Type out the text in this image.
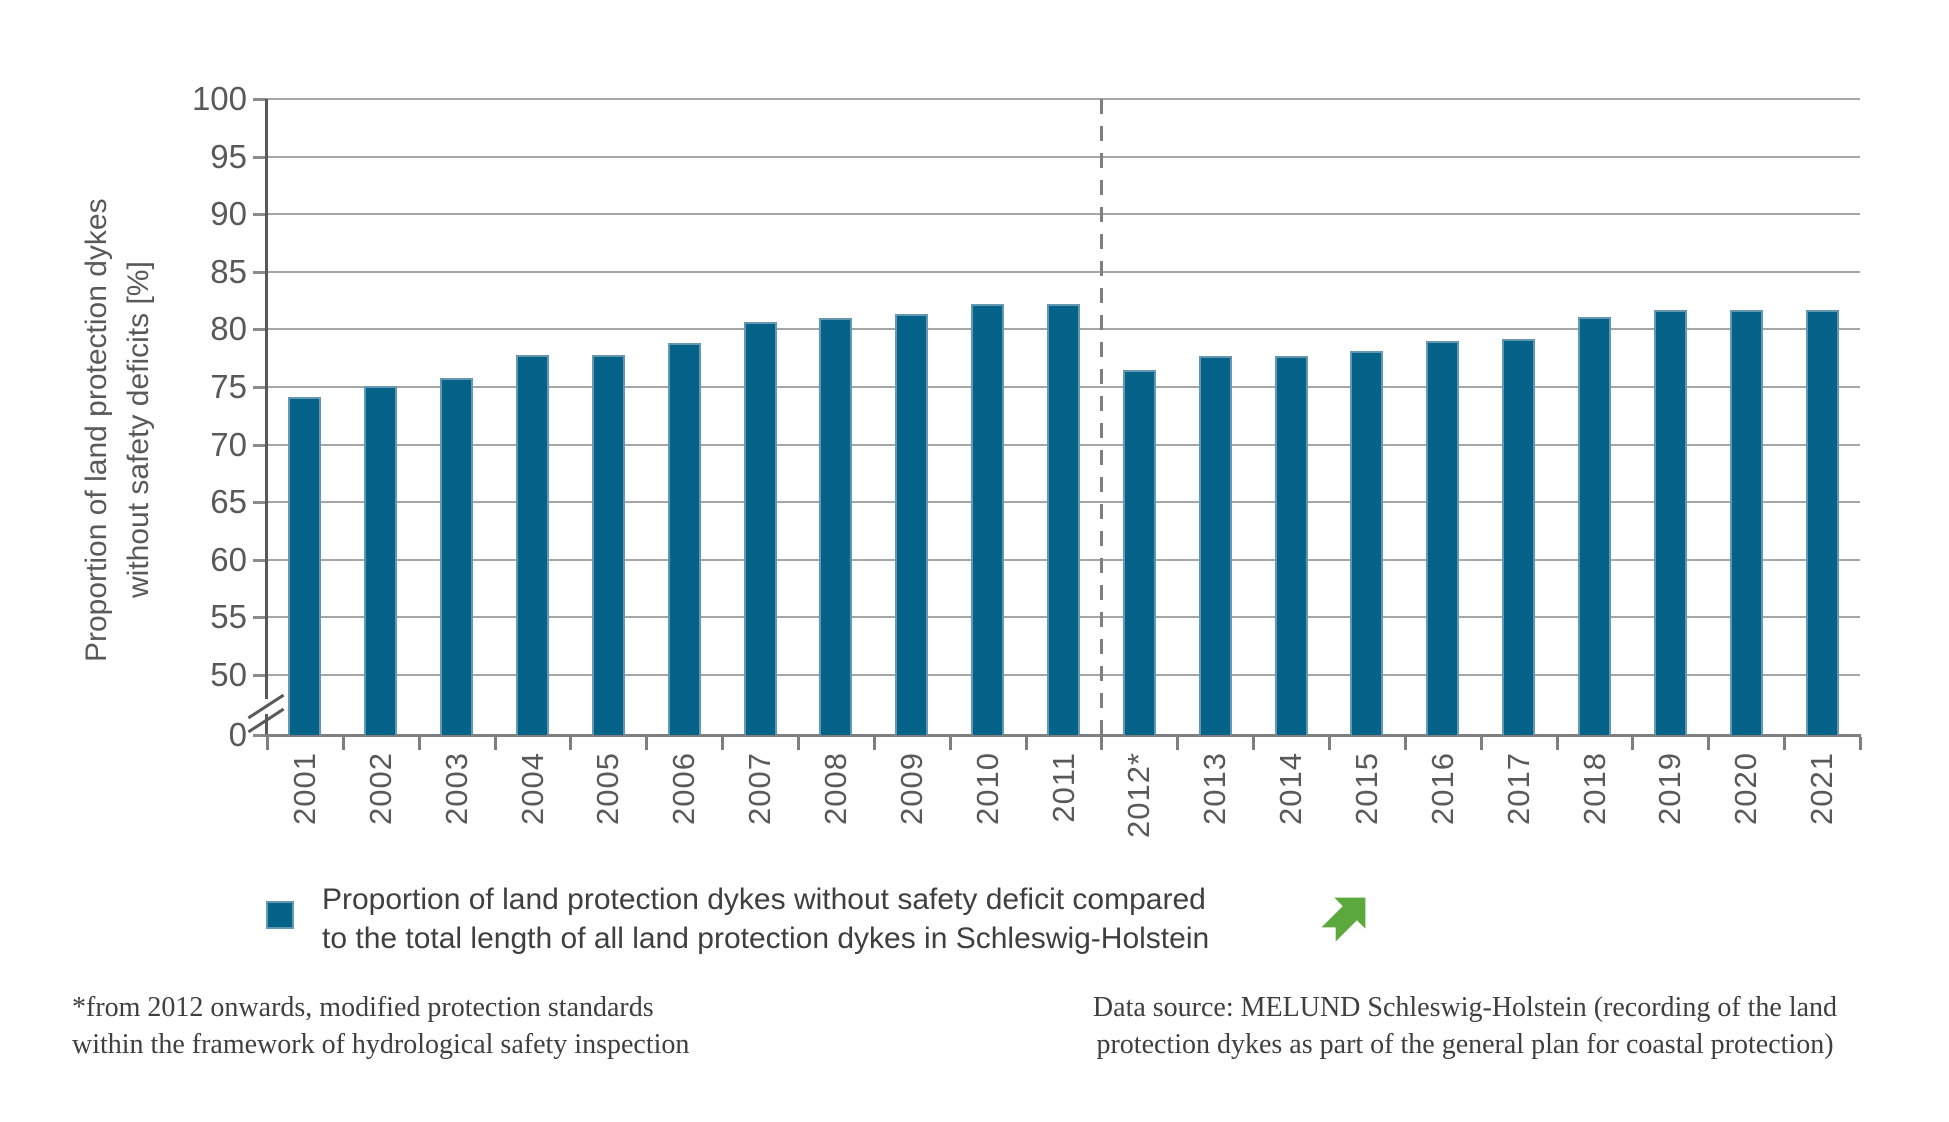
0
50
55
60
65
70
75
80
85
90
95
100
2001 2002 2003 2004 2005 2006 2007 2008 2009 2010 2011 2012* 2013 2014 2015 2016 2017 2018 2019 2020 2021
Proportion of land protection dykes without safety deficits [%]
Proportion of land protection dykes without safety deficit compared
to the total length of all land protection dykes in Schleswig-Holstein
*from 2012 onwards, modified protection standards
within the framework of hydrological safety inspection
Data source: MELUND Schleswig-Holstein (recording of the land
protection dykes as part of the general plan for coastal protection)
